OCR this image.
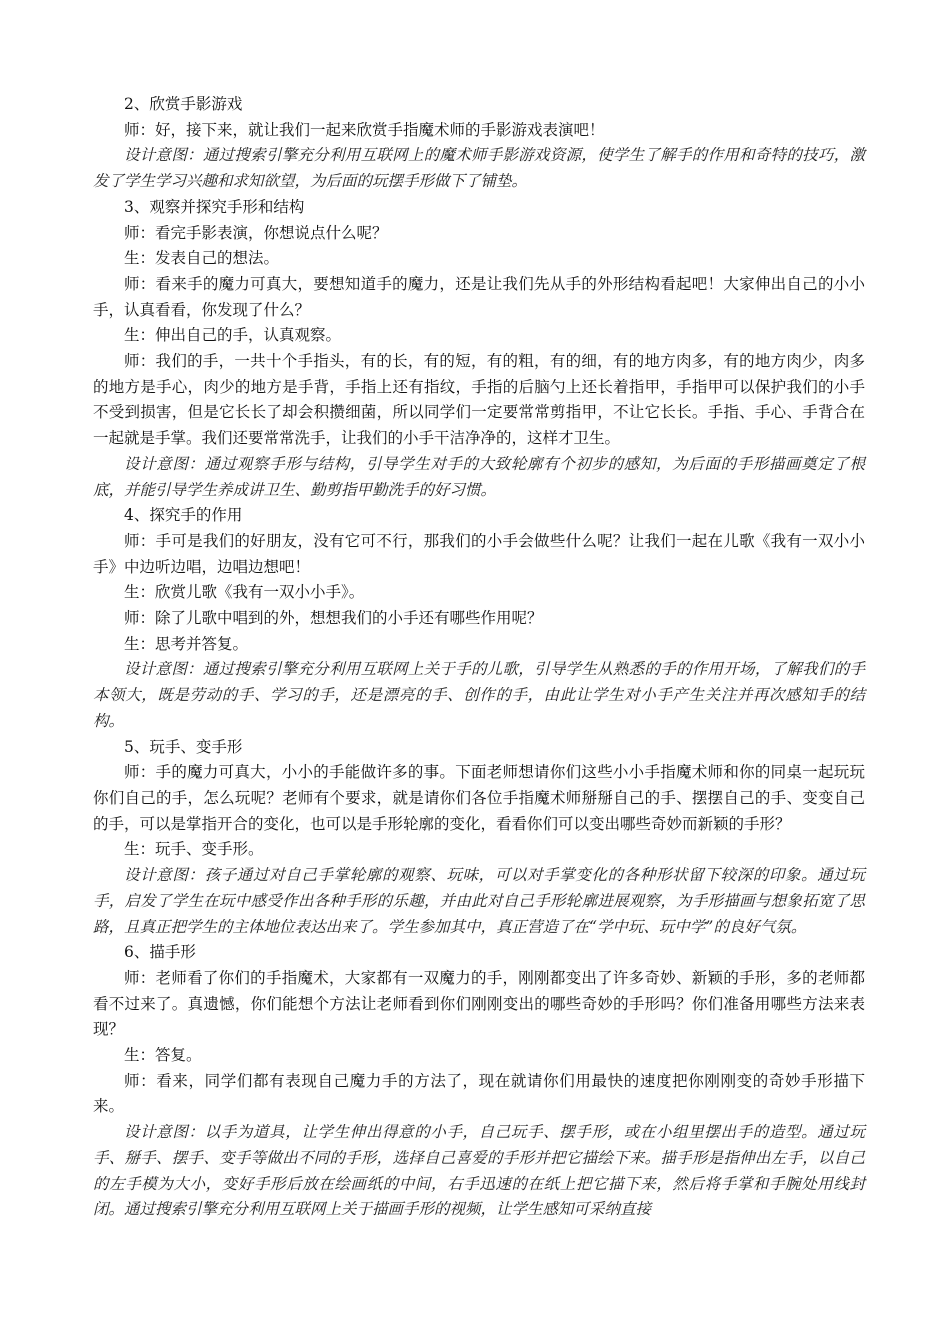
2、欣赏手影游戏

师：好，接下来，就让我们一起来欣赏手指魔术师的手影游戏表演吧！

设计意图：通过搜索引擎充分利用互联网上的魔术师手影游戏资源，使学生了解手的作用和奇特的技巧，激发了学生学习兴趣和求知欲望，为后面的玩摆手形做下了铺垫。

3、观察并探究手形和结构

师：看完手影表演，你想说点什么呢？

生：发表自己的想法。

师：看来手的魔力可真大，要想知道手的魔力，还是让我们先从手的外形结构看起吧！大家伸出自己的小小手，认真看看，你发现了什么？

生：伸出自己的手，认真观察。

师：我们的手，一共十个手指头，有的长，有的短，有的粗，有的细，有的地方肉多，有的地方肉少，肉多的地方是手心，肉少的地方是手背，手指上还有指纹，手指的后脑勺上还长着指甲，手指甲可以保护我们的小手不受到损害，但是它长长了却会积攒细菌，所以同学们一定要常常剪指甲，不让它长长。手指、手心、手背合在一起就是手掌。我们还要常常洗手，让我们的小手干洁净净的，这样才卫生。

设计意图：通过观察手形与结构，引导学生对手的大致轮廓有个初步的感知，为后面的手形描画奠定了根底，并能引导学生养成讲卫生、勤剪指甲勤洗手的好习惯。

4、探究手的作用

师：手可是我们的好朋友，没有它可不行，那我们的小手会做些什么呢？让我们一起在儿歌《我有一双小小手》中边听边唱，边唱边想吧！

生：欣赏儿歌《我有一双小小手》。

师：除了儿歌中唱到的外，想想我们的小手还有哪些作用呢？

生：思考并答复。

设计意图：通过搜索引擎充分利用互联网上关于手的儿歌，引导学生从熟悉的手的作用开场，了解我们的手本领大，既是劳动的手、学习的手，还是漂亮的手、创作的手，由此让学生对小手产生关注并再次感知手的结构。

5、玩手、变手形

师：手的魔力可真大，小小的手能做许多的事。下面老师想请你们这些小小手指魔术师和你的同桌一起玩玩你们自己的手，怎么玩呢？老师有个要求，就是请你们各位手指魔术师掰掰自己的手、摆摆自己的手、变变自己的手，可以是掌指开合的变化，也可以是手形轮廓的变化，看看你们可以变出哪些奇妙而新颖的手形？

生：玩手、变手形。

设计意图：孩子通过对自己手掌轮廓的观察、玩味，可以对手掌变化的各种形状留下较深的印象。通过玩手，启发了学生在玩中感受作出各种手形的乐趣，并由此对自己手形轮廓进展观察，为手形描画与想象拓宽了思路，且真正把学生的主体地位表达出来了。学生参加其中，真正营造了在“学中玩、玩中学”的良好气氛。

6、描手形

师：老师看了你们的手指魔术，大家都有一双魔力的手，刚刚都变出了许多奇妙、新颖的手形，多的老师都看不过来了。真遗憾，你们能想个方法让老师看到你们刚刚变出的哪些奇妙的手形吗？你们准备用哪些方法来表现？

生：答复。

师：看来，同学们都有表现自己魔力手的方法了，现在就请你们用最快的速度把你刚刚变的奇妙手形描下来。

设计意图：以手为道具，让学生伸出得意的小手，自己玩手、摆手形，或在小组里摆出手的造型。通过玩手、掰手、摆手、变手等做出不同的手形，选择自己喜爱的手形并把它描绘下来。描手形是指伸出左手，以自己的左手模为大小，变好手形后放在绘画纸的中间，右手迅速的在纸上把它描下来，然后将手掌和手腕处用线封闭。通过搜索引擎充分利用互联网上关于描画手形的视频，让学生感知可采纳直接
